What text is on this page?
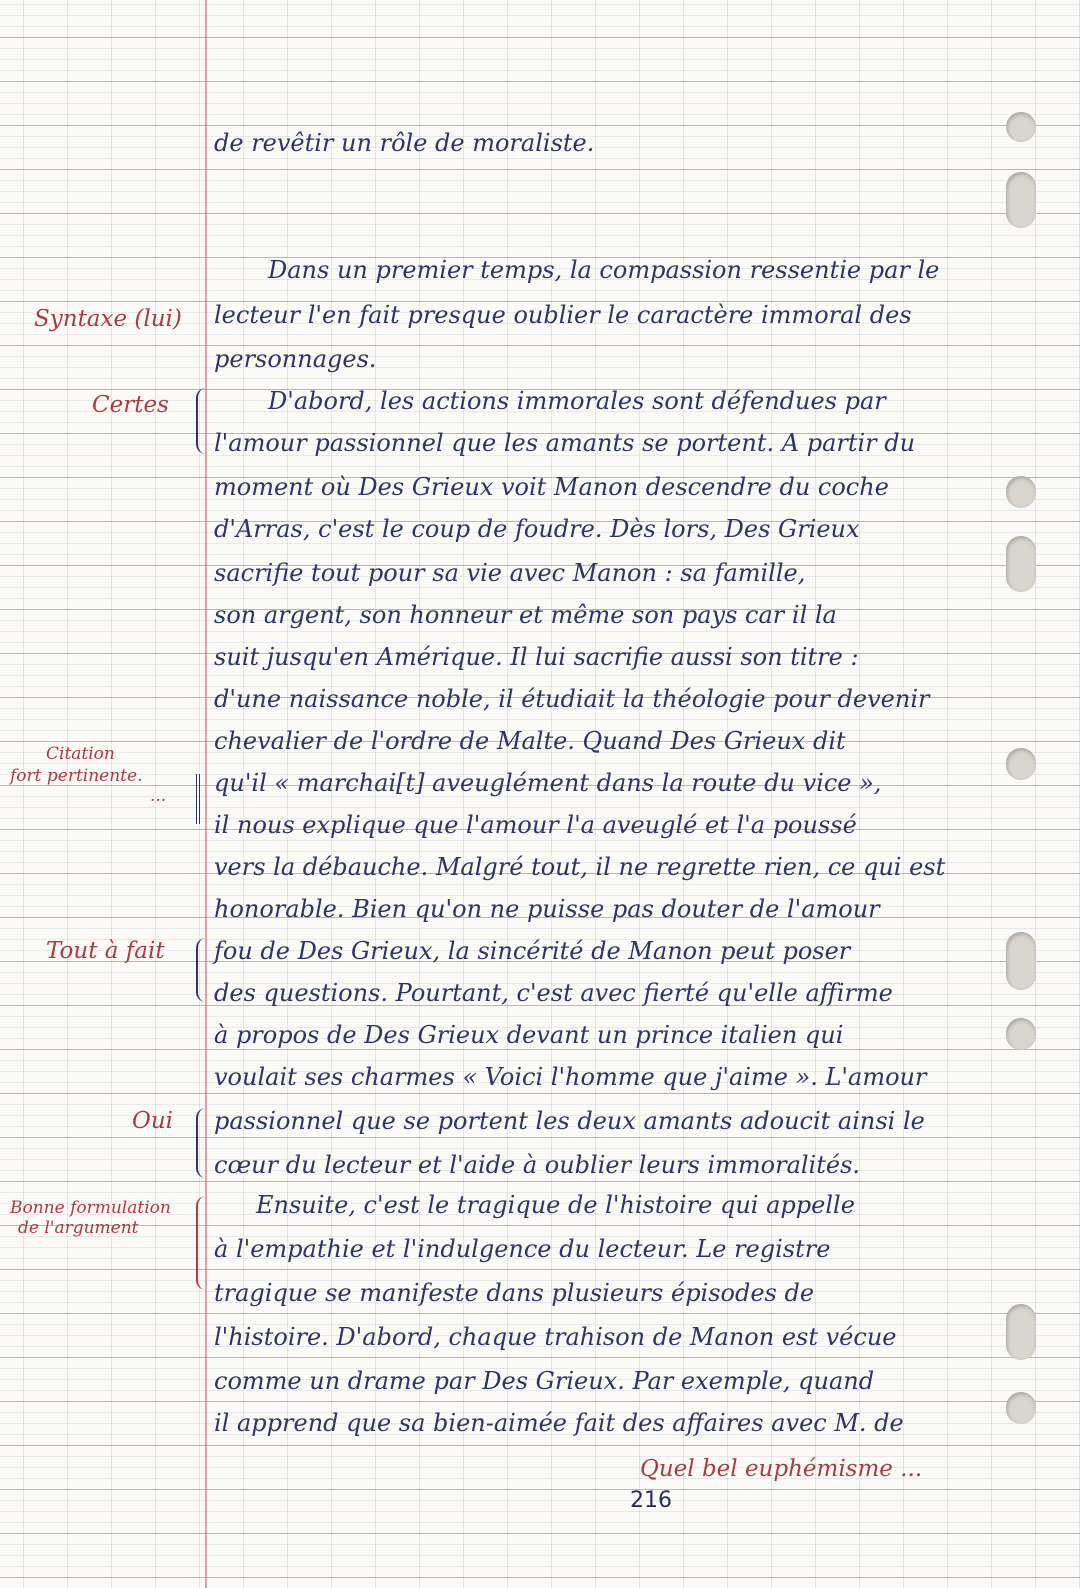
de revêtir un rôle de moraliste.

Dans un premier temps, la compassion ressentie par le

lecteur l'en fait presque oublier le caractère immoral des

personnages.

D'abord, les actions immorales sont défendues par

l'amour passionnel que les amants se portent. A partir du

moment où Des Grieux voit Manon descendre du coche

d'Arras, c'est le coup de foudre. Dès lors, Des Grieux

sacrifie tout pour sa vie avec Manon : sa famille,

son argent, son honneur et même son pays car il la

suit jusqu'en Amérique. Il lui sacrifie aussi son titre :

d'une naissance noble, il étudiait la théologie pour devenir

chevalier de l'ordre de Malte. Quand Des Grieux dit

qu'il « marchai[t] aveuglément dans la route du vice »,

il nous explique que l'amour l'a aveuglé et l'a poussé

vers la débauche. Malgré tout, il ne regrette rien, ce qui est

honorable. Bien qu'on ne puisse pas douter de l'amour

fou de Des Grieux, la sincérité de Manon peut poser

des questions. Pourtant, c'est avec fierté qu'elle affirme

à propos de Des Grieux devant un prince italien qui

voulait ses charmes « Voici l'homme que j'aime ». L'amour

passionnel que se portent les deux amants adoucit ainsi le

cœur du lecteur et l'aide à oublier leurs immoralités.

Ensuite, c'est le tragique de l'histoire qui appelle

à l'empathie et l'indulgence du lecteur. Le registre

tragique se manifeste dans plusieurs épisodes de

l'histoire. D'abord, chaque trahison de Manon est vécue

comme un drame par Des Grieux. Par exemple, quand

il apprend que sa bien-aimée fait des affaires avec M. de

Syntaxe (lui)

Certes

Citation

fort pertinente.

...

Tout à fait

Oui

Bonne formulation

de l'argument

Quel bel euphémisme ...

216
